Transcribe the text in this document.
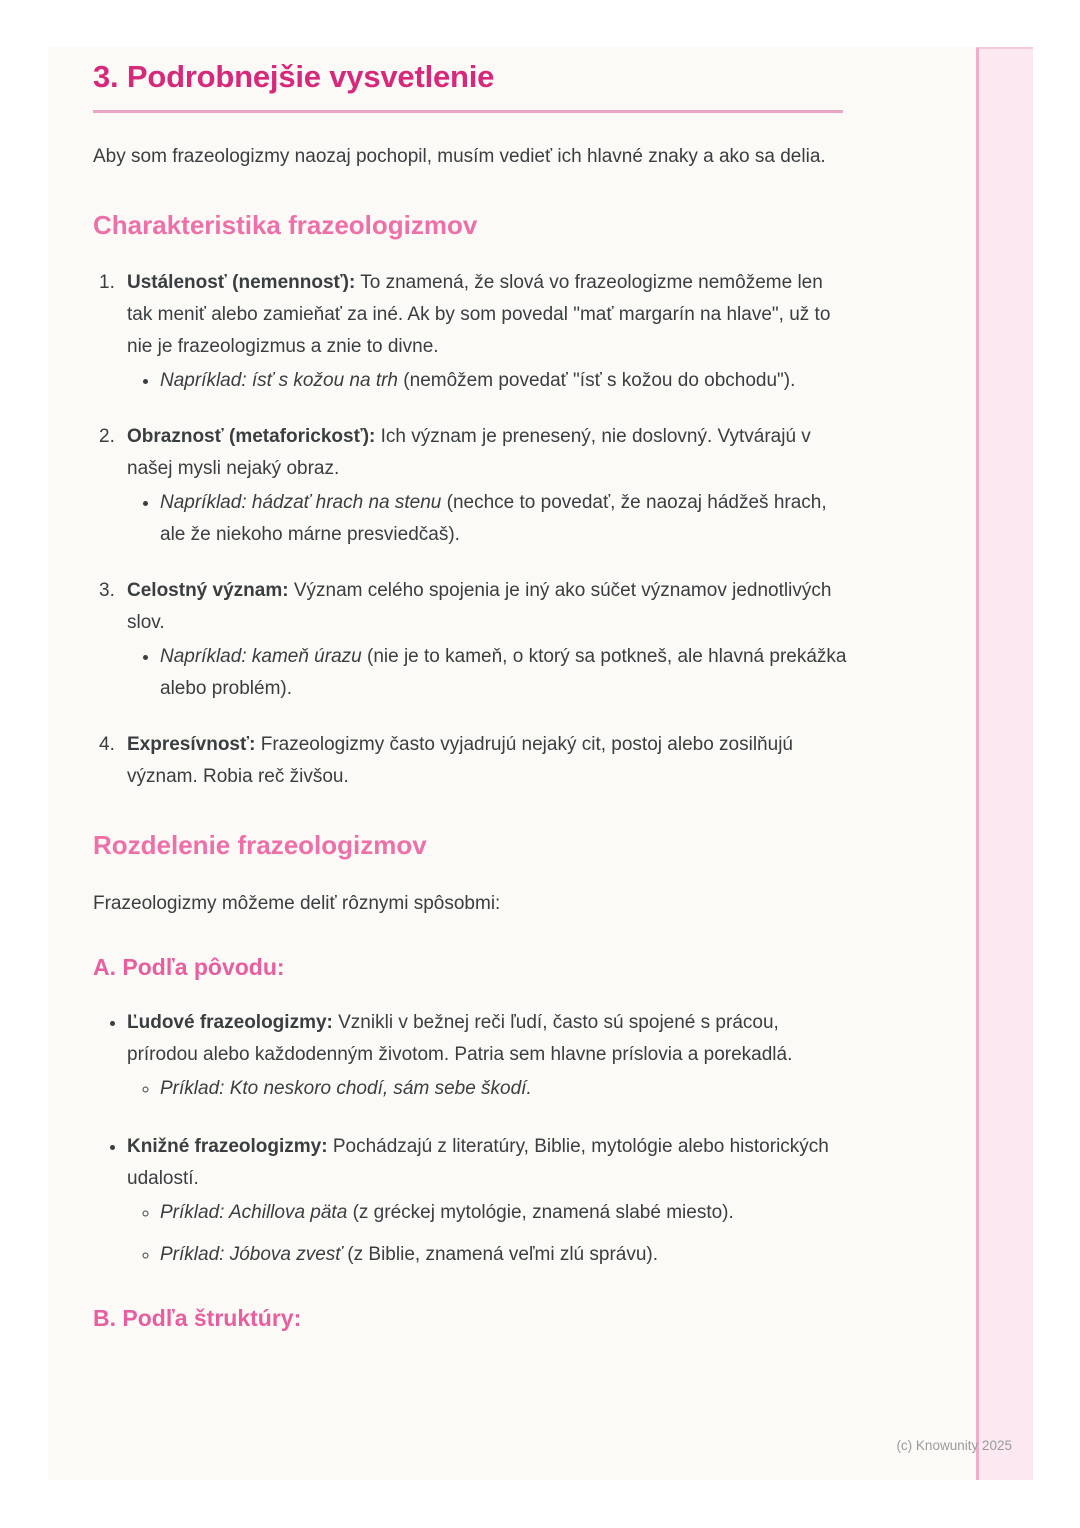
3. Podrobnejšie vysvetlenie

Aby som frazeologizmy naozaj pochopil, musím vedieť ich hlavné znaky a ako sa delia.

Charakteristika frazeologizmov
1. Ustálenosť (nemennosť): To znamená, že slová vo frazeologizme nemôžeme len tak meniť alebo zamieňať za iné. Ak by som povedal "mať margarín na hlave", už to nie je frazeologizmus a znie to divne.
• Napríklad: ísť s kožou na trh (nemôžem povedať "ísť s kožou do obchodu").
2. Obraznosť (metaforickosť): Ich význam je prenesený, nie doslovný. Vytvárajú v našej mysli nejaký obraz.
• Napríklad: hádzať hrach na stenu (nechce to povedať, že naozaj hádžeš hrach, ale že niekoho márne presviedčaš).
3. Celostný význam: Význam celého spojenia je iný ako súčet významov jednotlivých slov.
• Napríklad: kameň úrazu (nie je to kameň, o ktorý sa potkneš, ale hlavná prekážka alebo problém).
4. Expresívnosť: Frazeologizmy často vyjadrujú nejaký cit, postoj alebo zosilňujú význam. Robia reč živšou.
Rozdelenie frazeologizmov

Frazeologizmy môžeme deliť rôznymi spôsobmi:

A. Podľa pôvodu:
• Ľudové frazeologizmy: Vznikli v bežnej reči ľudí, často sú spojené s prácou, prírodou alebo každodenným životom. Patria sem hlavne príslovia a porekadlá.
◦ Príklad: Kto neskoro chodí, sám sebe škodí.
• Knižné frazeologizmy: Pochádzajú z literatúry, Biblie, mytológie alebo historických udalostí.
◦ Príklad: Achillova päta (z gréckej mytológie, znamená slabé miesto).
◦ Príklad: Jóbova zvesť (z Biblie, znamená veľmi zlú správu).
B. Podľa štruktúry:
(c) Knowunity 2025
